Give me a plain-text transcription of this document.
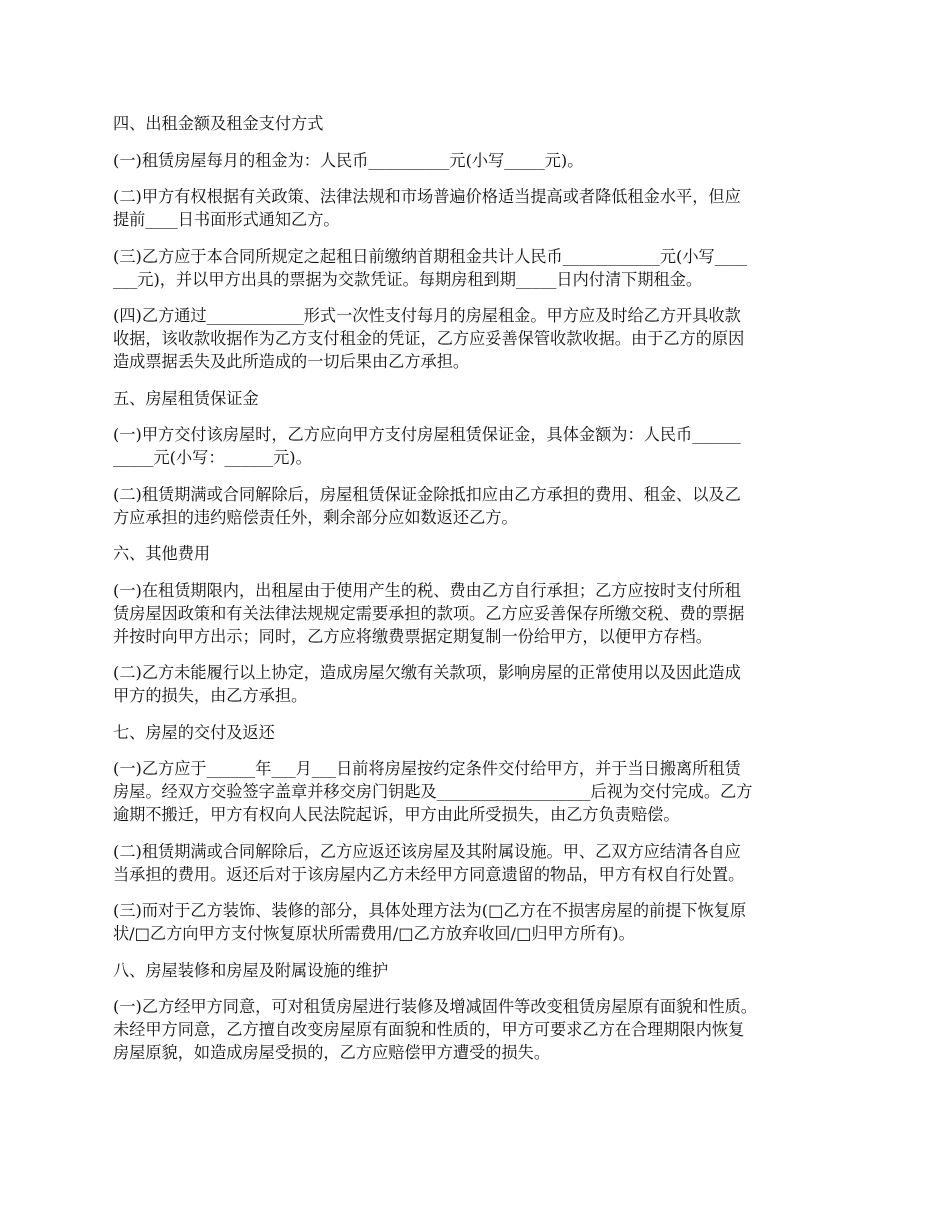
四、出租金额及租金支付方式

(一)租赁房屋每月的租金为：人民币__________元(小写_____元)。

(二)甲方有权根据有关政策、法律法规和市场普遍价格适当提高或者降低租金水平，但应

提前____日书面形式通知乙方。

(三)乙方应于本合同所规定之起租日前缴纳首期租金共计人民币____________元(小写____

___元)，并以甲方出具的票据为交款凭证。每期房租到期_____日内付清下期租金。

(四)乙方通过____________形式一次性支付每月的房屋租金。甲方应及时给乙方开具收款

收据，该收款收据作为乙方支付租金的凭证，乙方应妥善保管收款收据。由于乙方的原因

造成票据丢失及此所造成的一切后果由乙方承担。

五、房屋租赁保证金

(一)甲方交付该房屋时，乙方应向甲方支付房屋租赁保证金，具体金额为：人民币______

_____元(小写：______元)。

(二)租赁期满或合同解除后，房屋租赁保证金除抵扣应由乙方承担的费用、租金、以及乙

方应承担的违约赔偿责任外，剩余部分应如数返还乙方。

六、其他费用

(一)在租赁期限内，出租屋由于使用产生的税、费由乙方自行承担；乙方应按时支付所租

赁房屋因政策和有关法律法规规定需要承担的款项。乙方应妥善保存所缴交税、费的票据

并按时向甲方出示；同时，乙方应将缴费票据定期复制一份给甲方，以便甲方存档。

(二)乙方未能履行以上协定，造成房屋欠缴有关款项，影响房屋的正常使用以及因此造成

甲方的损失，由乙方承担。

七、房屋的交付及返还

(一)乙方应于______年___月___日前将房屋按约定条件交付给甲方，并于当日搬离所租赁

房屋。经双方交验签字盖章并移交房门钥匙及___________________后视为交付完成。乙方

逾期不搬迁，甲方有权向人民法院起诉，甲方由此所受损失，由乙方负责赔偿。

(二)租赁期满或合同解除后，乙方应返还该房屋及其附属设施。甲、乙双方应结清各自应

当承担的费用。返还后对于该房屋内乙方未经甲方同意遗留的物品，甲方有权自行处置。

(三)而对于乙方装饰、装修的部分，具体处理方法为(□乙方在不损害房屋的前提下恢复原

状/□乙方向甲方支付恢复原状所需费用/□乙方放弃收回/□归甲方所有)。

八、房屋装修和房屋及附属设施的维护

(一)乙方经甲方同意，可对租赁房屋进行装修及增减固件等改变租赁房屋原有面貌和性质。

未经甲方同意，乙方擅自改变房屋原有面貌和性质的，甲方可要求乙方在合理期限内恢复

房屋原貌，如造成房屋受损的，乙方应赔偿甲方遭受的损失。
